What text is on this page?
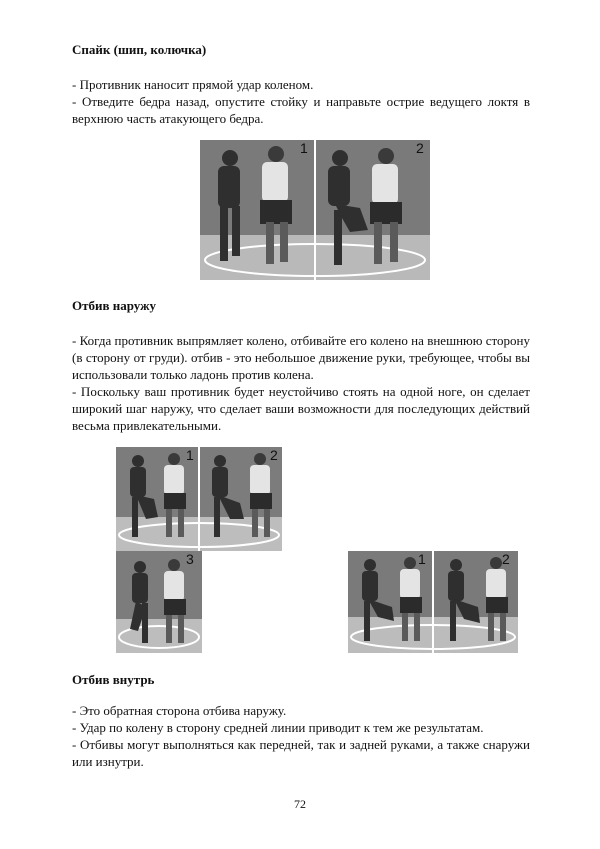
Спайк (шип, колючка)

- Противник наносит прямой удар коленом.

- Отведите бедра назад, опустите стойку и направьте острие ведущего локтя в верхнюю часть атакующего бедра.

1	2
Отбив наружу

- Когда противник выпрямляет колено, отбивайте его колено на внешнюю сторону (в сторону от груди). отбив - это небольшое движение руки, требующее, чтобы вы использовали только ладонь против колена.

- Поскольку ваш противник будет неустойчиво стоять на одной ноге, он сделает широкий шаг наружу, что сделает ваши возможности для последующих действий весьма привлекательными.

1	2
3	1	2
Отбив внутрь

- Это обратная сторона отбива наружу.

- Удар по колену в сторону средней линии приводит к тем же результатам.

- Отбивы могут выполняться как передней, так и задней руками, а также снаружи или изнутри.

72
